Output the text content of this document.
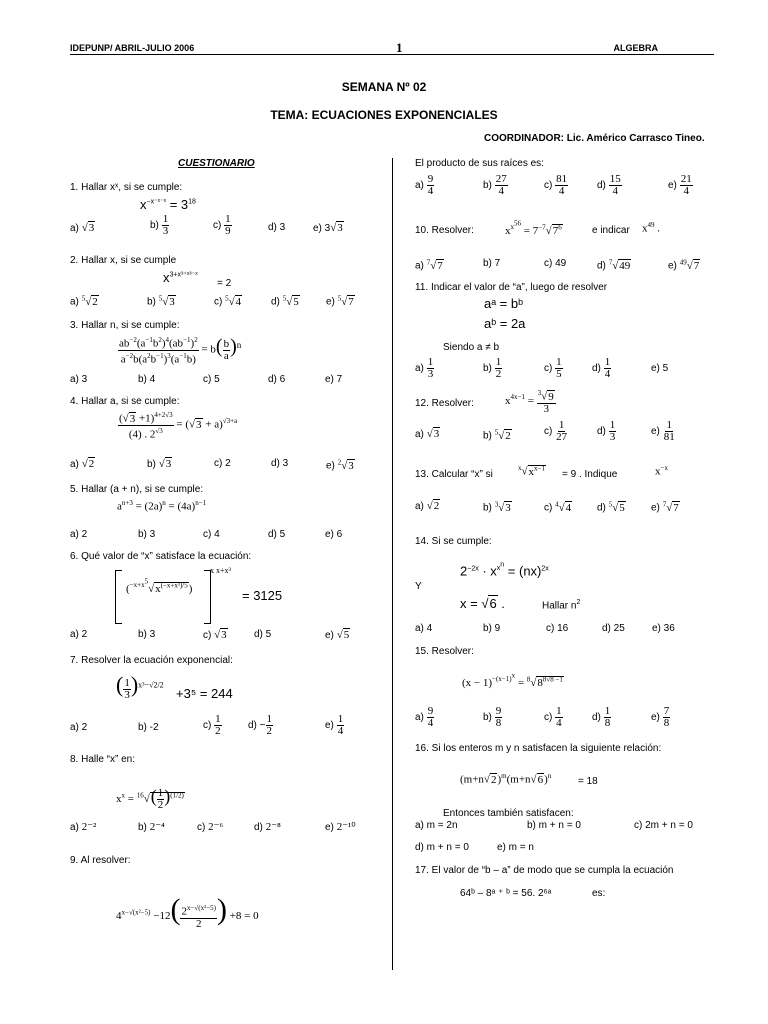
IDEPUNP/ ABRIL-JULIO 2006	1	ALGEBRA
SEMANA Nº 02
TEMA: ECUACIONES EXPONENCIALES
COORDINADOR: Lic. Américo Carrasco Tineo.
CUESTIONARIO
1. Hallar xˣ, si se cumple:
$x^{-x^-ˣ^-ˣ} = 3^{18}$
a) √3	$b) \frac{1}{3}$	$c) \frac{1}{9}$	d) 3	e) 3√3
2. Hallar x, si se cumple
$x^{3+x^{3+}ˣ^{3-}ˣ}$
= 2
a) $^5$√2	b) $^5$√3	c) $^5$√4	d) $^5$√5	e) $^5$√7
3. Hallar n, si se cumple:
$\frac{ab^{-2}(a^{-1}b^2)^4(ab^{-1})^2}{a^{-2}b(a^2b^{-1})^3(a^{-1}b)} = b( \frac{b}{a} )^n$
a) 3	b) 4	c) 5	d) 6	e) 7
4. Hallar a, si se cumple:
$\frac{(√3 +1)^{4+2√3}}{(4) . 2^{√3}} = (√3 + a)^{√3+a}$
a) √2	b) √3	c) 2	d) 3	e) $^2$√3
5. Hallar (a + n), si se cumple:
$a^{n+3} = (2a)^n = (4a)^{n-1}$
a) 2	b) 3	c) 4	d) 5	e) 6
6. Qué valor de “x” satisface la ecuación:
$(^{-x+x^5}√x^{(-x+x^3)/5})$
x x+x³
= 3125
a) 2	b) 3	c) √3	d) 5	e) √5
7. Resolver la ecuación exponencial:
( $\frac{1}{3} )^{x^3-√2/2}$
+3⁵ = 244
a) 2	b) -2	$c) \frac{1}{2}$	$d) - \frac{1}{2}$	$e) \frac{1}{4}$
8. Halle “x” en:
$x^x = ^{16}√( \frac{1}{2} )^{(1/2)}$
a) 2⁻²	b) 2⁻⁴	c) 2⁻⁶	d) 2⁻⁸	e) 2⁻¹⁰
9. Al resolver:
$4^{x-√(x^2-5)} -12( \frac{2^{x-√(x^2-5)}}{2}$ ) +8 = 0
El producto de sus raíces es:
$a) \frac{9}{4}$	$b) \frac{27}{4}$	$c) \frac{81}{4}$	$d) \frac{15}{4}$	$e) \frac{21}{4}$
10. Resolver:	$x^{x^{56}} = 7^{-7}√7^6$	e indicar $x^{49}$ .
a) $^7$√7	b) 7	c) 49	d) $^7$√49	e) $^{49}$√7
11. Indicar el valor de “a”, luego de resolver
aᵃ = bᵇ
aᵇ = 2a
Siendo a ≠ b
$a) \frac{1}{3}$	$b) \frac{1}{2}$	$c) \frac{1}{5}$	$d) \frac{1}{4}$	e) 5
12. Resolver:	$x^{4x-1} = \frac{^3√9}{3}$
a) √3	b) $^5$√2	$c) \frac{1}{27}$	$d) \frac{1}{3}$	$e) \frac{1}{81}$
13. Calcular “x” si
$^x√x^{x-1}$
= 9 . Indique	$x^{-x}$
a) √2	b) $^3$√3	c) $^4$√4	d) $^5$√5	e) $^7$√7
14. Si se cumple:
$2^{-2x} \cdot x^{x^n} = (nx)^{2x}$
Y
x = √6 .	Hallar $n^2$
a) 4	b) 9	c) 16	d) 25	e) 36
15. Resolver:
$(x - 1)^{-(x-1)^x} = ^8√8^{8√8 -1}$
$a) \frac{9}{4}$	$b) \frac{9}{8}$	$c) \frac{1}{4}$	$d) \frac{1}{8}$	$e) \frac{7}{8}$
16. Si los enteros m y n satisfacen la siguiente relación:
$(m+n√2)^m(m+n√6)^n$	= 18
Entonces también satisfacen:
a) m = 2n	b) m + n = 0	c) 2m + n = 0
d) m + n = 0	e) m = n
17. El valor de “b – a” de modo que se cumpla la ecuación
64ᵇ – 8ᵃ ⁺ ᵇ = 56. 2⁶ᵃ	es:
